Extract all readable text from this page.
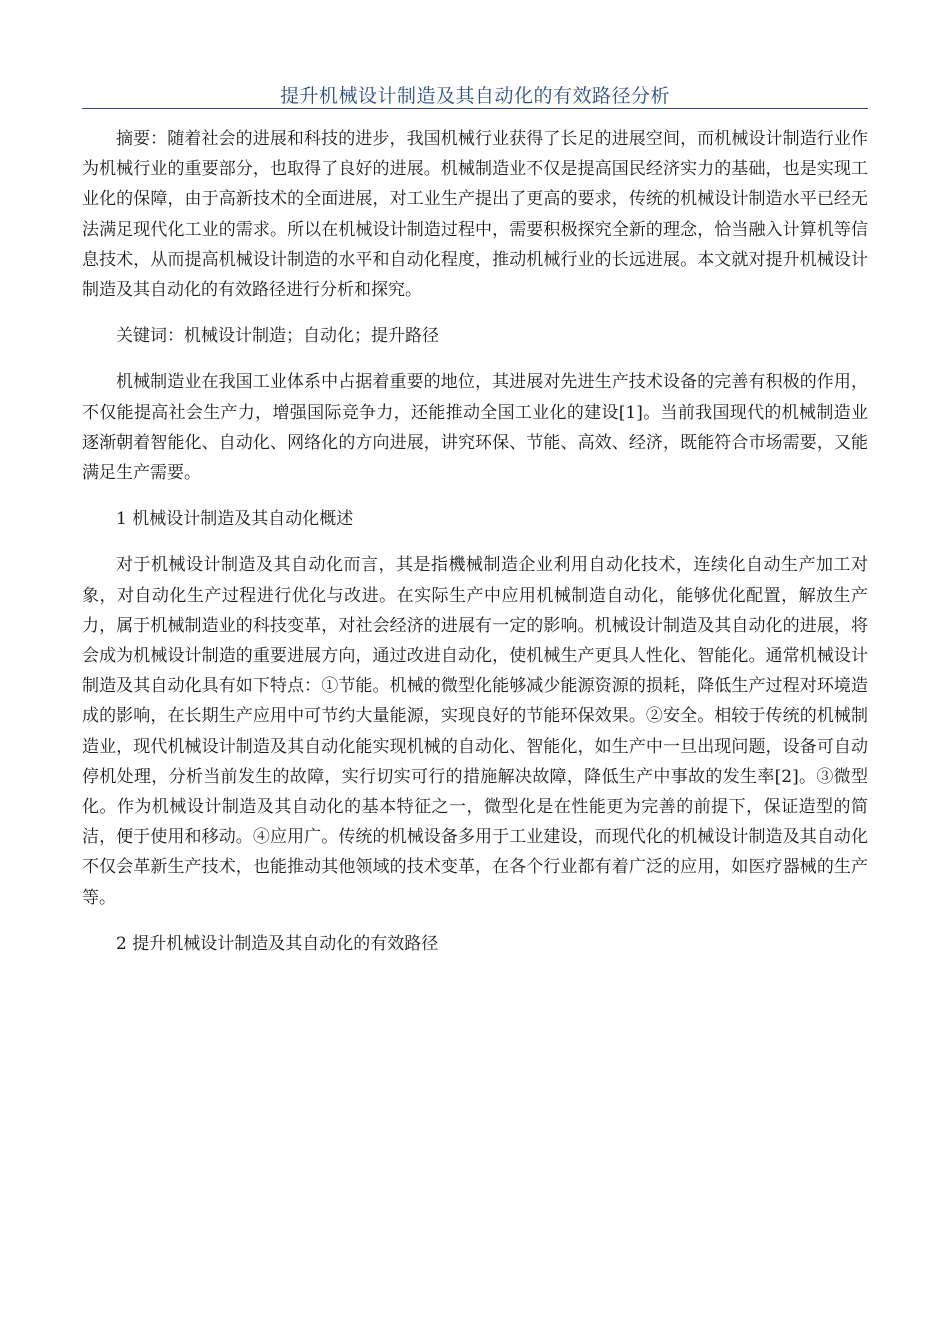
提升机械设计制造及其自动化的有效路径分析

摘要：随着社会的进展和科技的进步，我国机械行业获得了长足的进展空间，而机械设计制造行业作为机械行业的重要部分，也取得了良好的进展。机械制造业不仅是提高国民经济实力的基础，也是实现工业化的保障，由于高新技术的全面进展，对工业生产提出了更高的要求，传统的机械设计制造水平已经无法满足现代化工业的需求。所以在机械设计制造过程中，需要积极探究全新的理念，恰当融入计算机等信息技术，从而提高机械设计制造的水平和自动化程度，推动机械行业的长远进展。本文就对提升机械设计制造及其自动化的有效路径进行分析和探究。

关键词：机械设计制造；自动化；提升路径

机械制造业在我国工业体系中占据着重要的地位，其进展对先进生产技术设备的完善有积极的作用，不仅能提高社会生产力，增强国际竞争力，还能推动全国工业化的建设[1]。当前我国现代的机械制造业逐渐朝着智能化、自动化、网络化的方向进展，讲究环保、节能、高效、经济，既能符合市场需要，又能满足生产需要。

1 机械设计制造及其自动化概述

对于机械设计制造及其自动化而言，其是指機械制造企业利用自动化技术，连续化自动生产加工对象，对自动化生产过程进行优化与改进。在实际生产中应用机械制造自动化，能够优化配置，解放生产力，属于机械制造业的科技变革，对社会经济的进展有一定的影响。机械设计制造及其自动化的进展，将会成为机械设计制造的重要进展方向，通过改进自动化，使机械生产更具人性化、智能化。通常机械设计制造及其自动化具有如下特点：①节能。机械的微型化能够减少能源资源的损耗，降低生产过程对环境造成的影响，在长期生产应用中可节约大量能源，实现良好的节能环保效果。②安全。相较于传统的机械制造业，现代机械设计制造及其自动化能实现机械的自动化、智能化，如生产中一旦出现问题，设备可自动停机处理，分析当前发生的故障，实行切实可行的措施解决故障，降低生产中事故的发生率[2]。③微型化。作为机械设计制造及其自动化的基本特征之一，微型化是在性能更为完善的前提下，保证造型的简洁，便于使用和移动。④应用广。传统的机械设备多用于工业建设，而现代化的机械设计制造及其自动化不仅会革新生产技术，也能推动其他领域的技术变革，在各个行业都有着广泛的应用，如医疗器械的生产等。

2 提升机械设计制造及其自动化的有效路径
